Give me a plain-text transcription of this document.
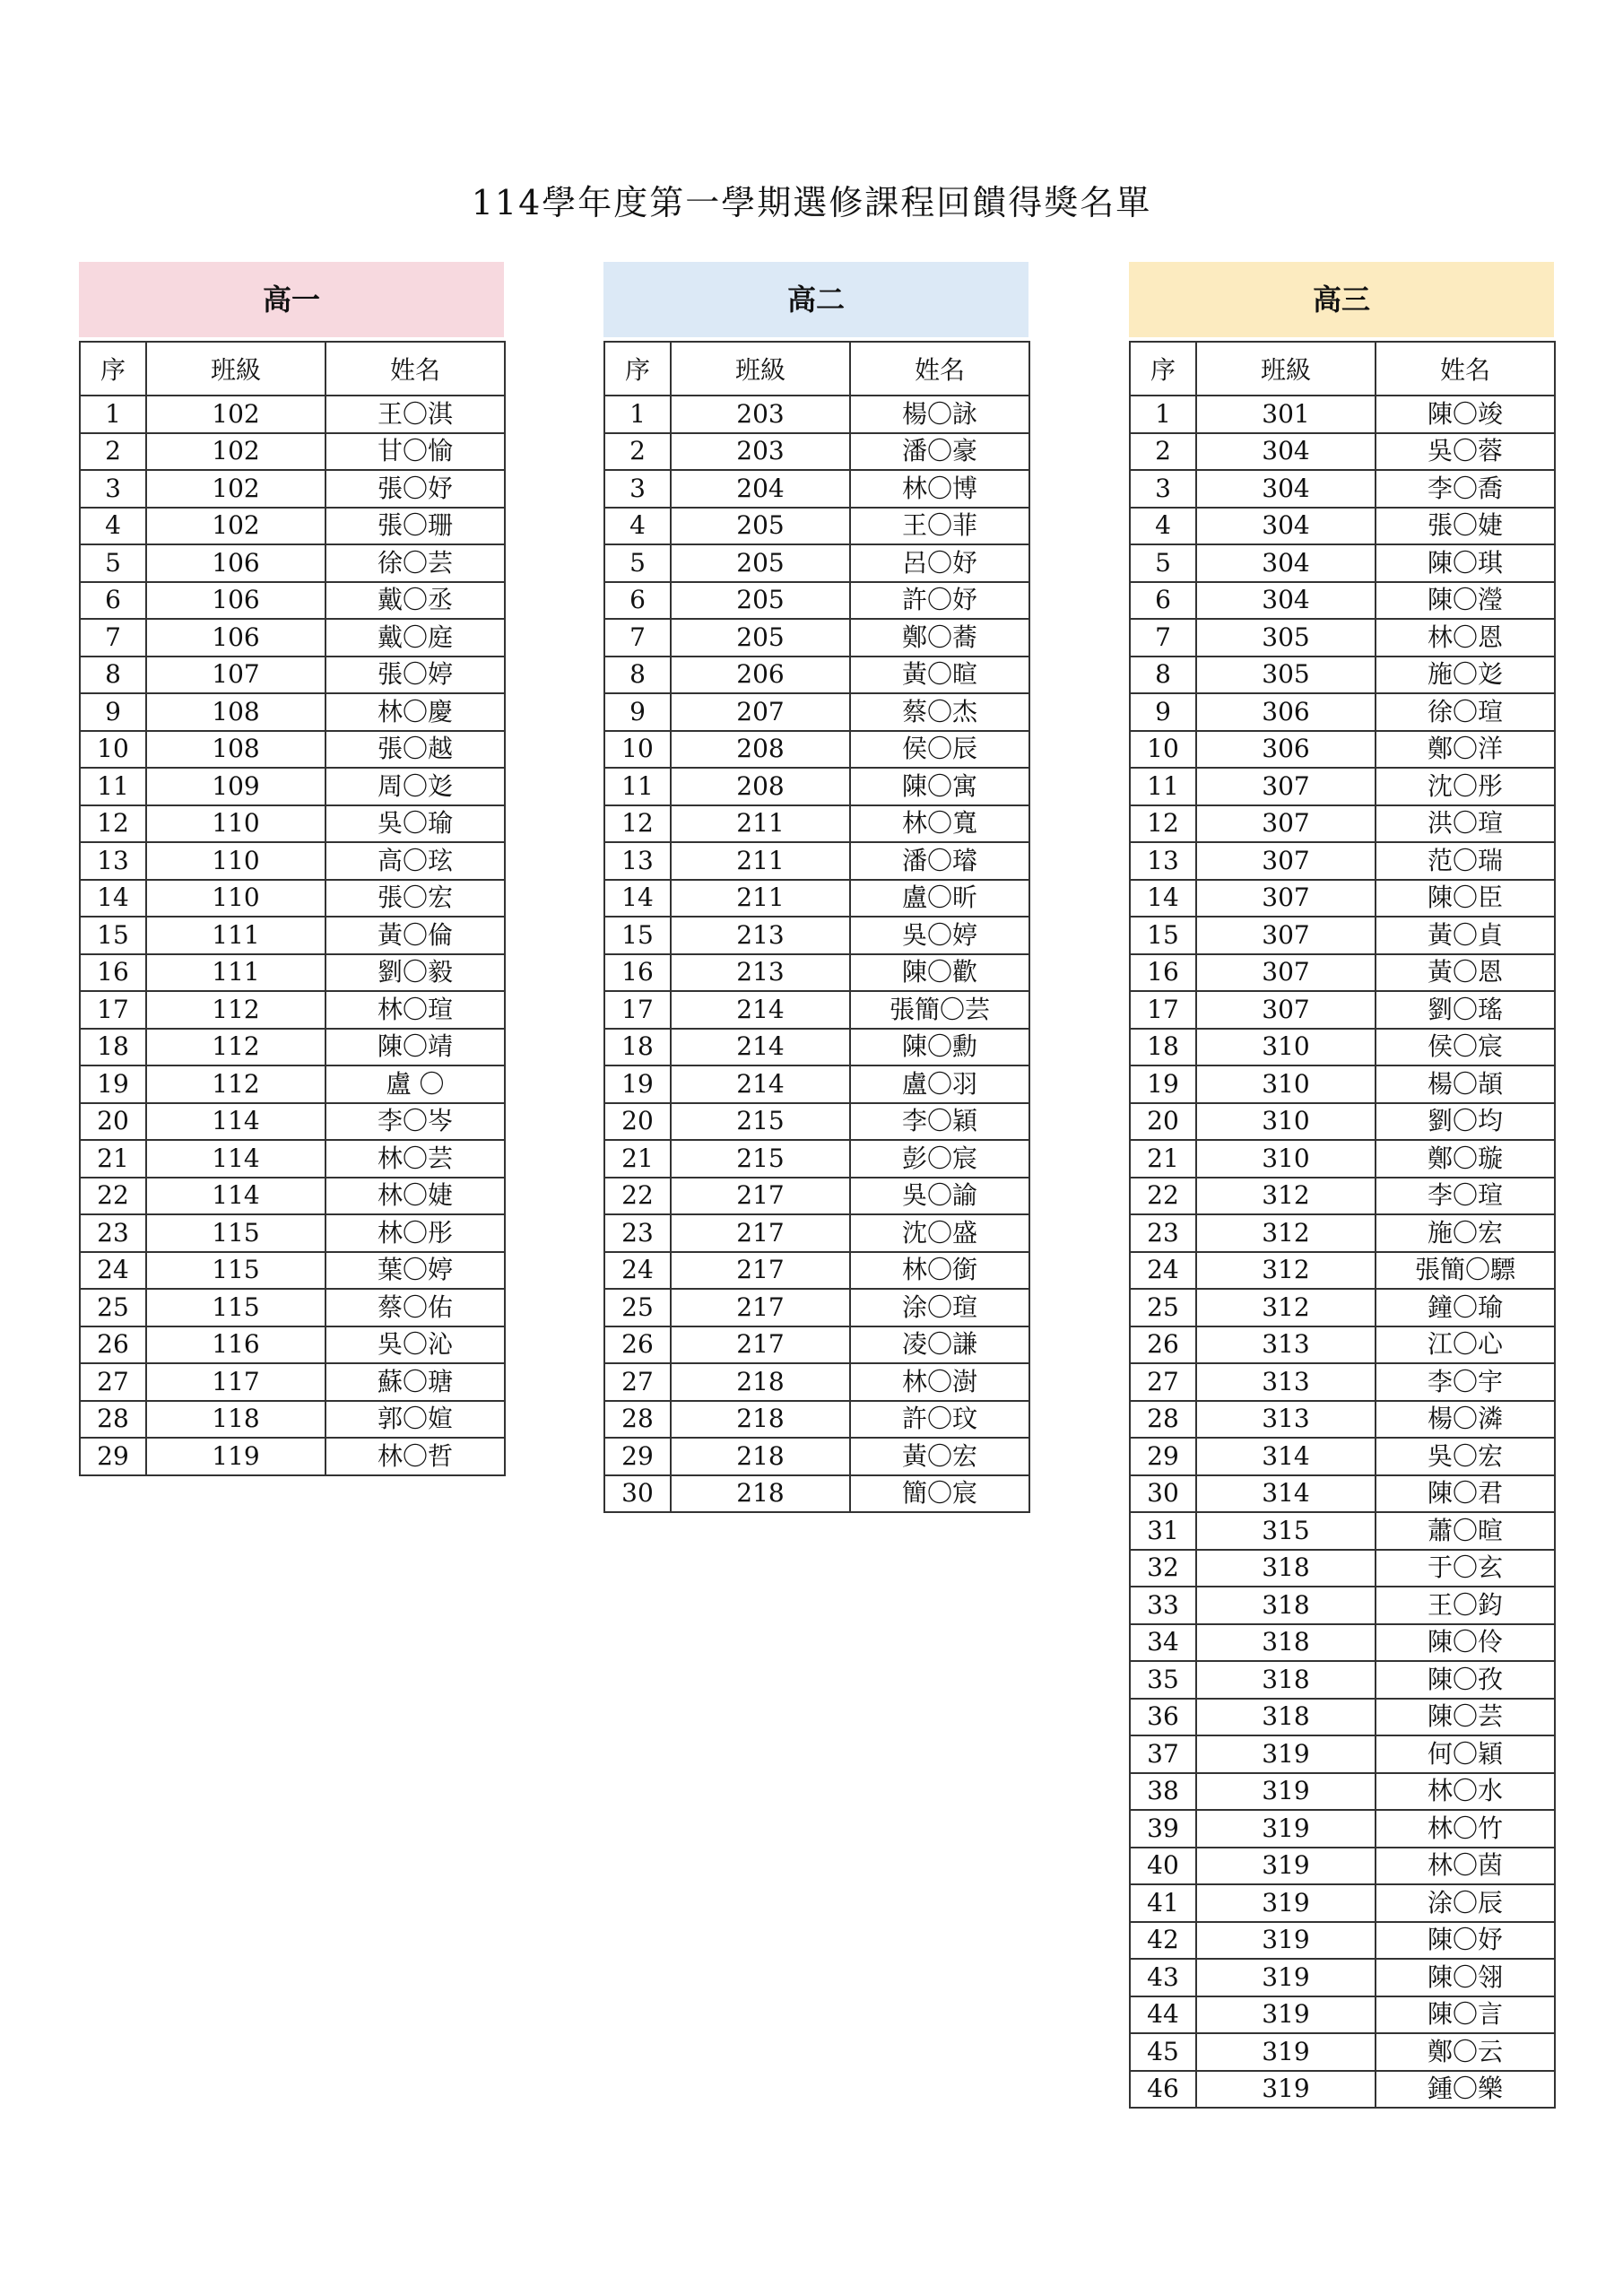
114學年度第一學期選修課程回饋得獎名單
高一
序	班級	姓名
1	102	王〇淇
2	102	甘〇愉
3	102	張〇妤
4	102	張〇珊
5	106	徐〇芸
6	106	戴〇丞
7	106	戴〇庭
8	107	張〇婷
9	108	林〇慶
10	108	張〇越
11	109	周〇彣
12	110	吳〇瑜
13	110	高〇玹
14	110	張〇宏
15	111	黃〇倫
16	111	劉〇毅
17	112	林〇瑄
18	112	陳〇靖
19	112	盧 〇
20	114	李〇岑
21	114	林〇芸
22	114	林〇婕
23	115	林〇彤
24	115	葉〇婷
25	115	蔡〇佑
26	116	吳〇沁
27	117	蘇〇瑭
28	118	郭〇媗
29	119	林〇哲
高二
序	班級	姓名
1	203	楊〇詠
2	203	潘〇豪
3	204	林〇博
4	205	王〇菲
5	205	呂〇妤
6	205	許〇妤
7	205	鄭〇蕎
8	206	黃〇暄
9	207	蔡〇杰
10	208	侯〇辰
11	208	陳〇寓
12	211	林〇寬
13	211	潘〇璿
14	211	盧〇昕
15	213	吳〇婷
16	213	陳〇歡
17	214	張簡〇芸
18	214	陳〇勳
19	214	盧〇羽
20	215	李〇穎
21	215	彭〇宸
22	217	吳〇諭
23	217	沈〇盛
24	217	林〇銜
25	217	涂〇瑄
26	217	凌〇謙
27	218	林〇澍
28	218	許〇玟
29	218	黃〇宏
30	218	簡〇宸
高三
序	班級	姓名
1	301	陳〇竣
2	304	吳〇蓉
3	304	李〇喬
4	304	張〇婕
5	304	陳〇琪
6	304	陳〇瀅
7	305	林〇恩
8	305	施〇彣
9	306	徐〇瑄
10	306	鄭〇洋
11	307	沈〇彤
12	307	洪〇瑄
13	307	范〇瑞
14	307	陳〇臣
15	307	黃〇貞
16	307	黃〇恩
17	307	劉〇瑤
18	310	侯〇宸
19	310	楊〇頡
20	310	劉〇均
21	310	鄭〇璇
22	312	李〇瑄
23	312	施〇宏
24	312	張簡〇驃
25	312	鐘〇瑜
26	313	江〇心
27	313	李〇宇
28	313	楊〇潾
29	314	吳〇宏
30	314	陳〇君
31	315	蕭〇暄
32	318	于〇玄
33	318	王〇鈞
34	318	陳〇伶
35	318	陳〇孜
36	318	陳〇芸
37	319	何〇穎
38	319	林〇水
39	319	林〇竹
40	319	林〇茵
41	319	涂〇辰
42	319	陳〇妤
43	319	陳〇翎
44	319	陳〇言
45	319	鄭〇云
46	319	鍾〇樂
